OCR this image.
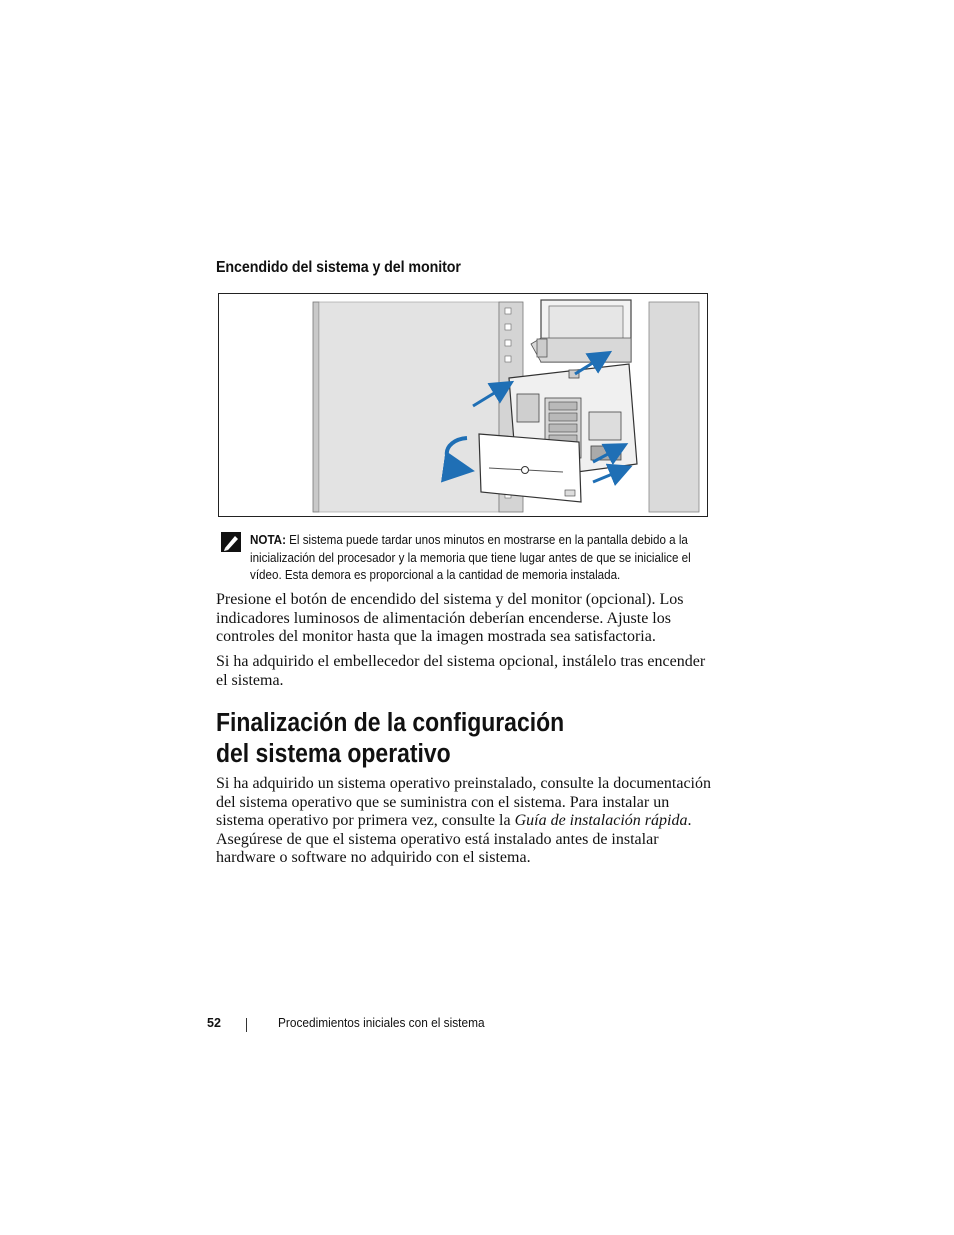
Encendido del sistema y del monitor
NOTA: El sistema puede tardar unos minutos en mostrarse en la pantalla debido a la inicialización del procesador y la memoria que tiene lugar antes de que se inicialice el vídeo. Esta demora es proporcional a la cantidad de memoria instalada.

Presione el botón de encendido del sistema y del monitor (opcional). Los indicadores luminosos de alimentación deberían encenderse. Ajuste los controles del monitor hasta que la imagen mostrada sea satisfactoria.

Si ha adquirido el embellecedor del sistema opcional, instálelo tras encender el sistema.

Finalización de la configuración
del sistema operativo

Si ha adquirido un sistema operativo preinstalado, consulte la documentación del sistema operativo que se suministra con el sistema. Para instalar un sistema operativo por primera vez, consulte la Guía de instalación rápida. Asegúrese de que el sistema operativo está instalado antes de instalar hardware o software no adquirido con el sistema.

52	Procedimientos iniciales con el sistema
